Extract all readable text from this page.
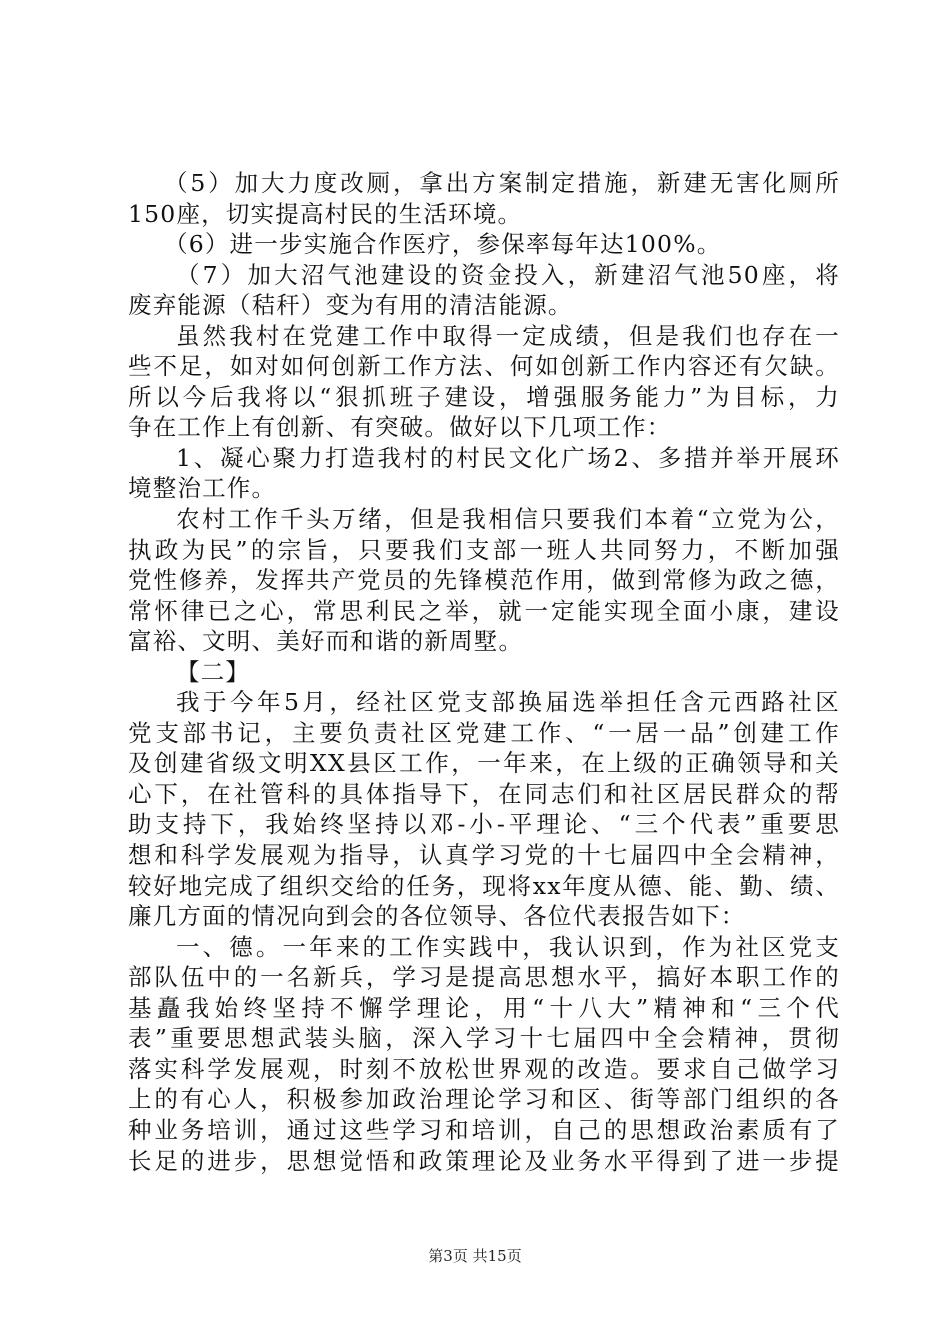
（5）加大力度改厕，拿出方案制定措施，新建无害化厕所
150座，切实提高村民的生活环境。
（6）进一步实施合作医疗，参保率每年达100%。
（7）加大沼气池建设的资金投入，新建沼气池50座，将
废弃能源（秸秆）变为有用的清洁能源。
虽然我村在党建工作中取得一定成绩，但是我们也存在一
些不足，如对如何创新工作方法、何如创新工作内容还有欠缺。
所以今后我将以“狠抓班子建设，增强服务能力”为目标，力
争在工作上有创新、有突破。做好以下几项工作：
1、凝心聚力打造我村的村民文化广场2、多措并举开展环
境整治工作。
农村工作千头万绪，但是我相信只要我们本着“立党为公，
执政为民”的宗旨，只要我们支部一班人共同努力，不断加强
党性修养，发挥共产党员的先锋模范作用，做到常修为政之德，
常怀律已之心，常思利民之举，就一定能实现全面小康，建设
富裕、文明、美好而和谐的新周墅。
【二】
我于今年5月，经社区党支部换届选举担任含元西路社区
党支部书记，主要负责社区党建工作、“一居一品”创建工作
及创建省级文明XX县区工作，一年来，在上级的正确领导和关
心下，在社管科的具体指导下，在同志们和社区居民群众的帮
助支持下，我始终坚持以邓-小-平理论、“三个代表”重要思
想和科学发展观为指导，认真学习党的十七届四中全会精神，
较好地完成了组织交给的任务，现将xx年度从德、能、勤、绩、
廉几方面的情况向到会的各位领导、各位代表报告如下：
一、德。一年来的工作实践中，我认识到，作为社区党支
部队伍中的一名新兵，学习是提高思想水平，搞好本职工作的
基矗我始终坚持不懈学理论，用“十八大”精神和“三个代
表”重要思想武装头脑，深入学习十七届四中全会精神，贯彻
落实科学发展观，时刻不放松世界观的改造。要求自己做学习
上的有心人，积极参加政治理论学习和区、街等部门组织的各
种业务培训，通过这些学习和培训，自己的思想政治素质有了
长足的进步，思想觉悟和政策理论及业务水平得到了进一步提
第3页 共15页
